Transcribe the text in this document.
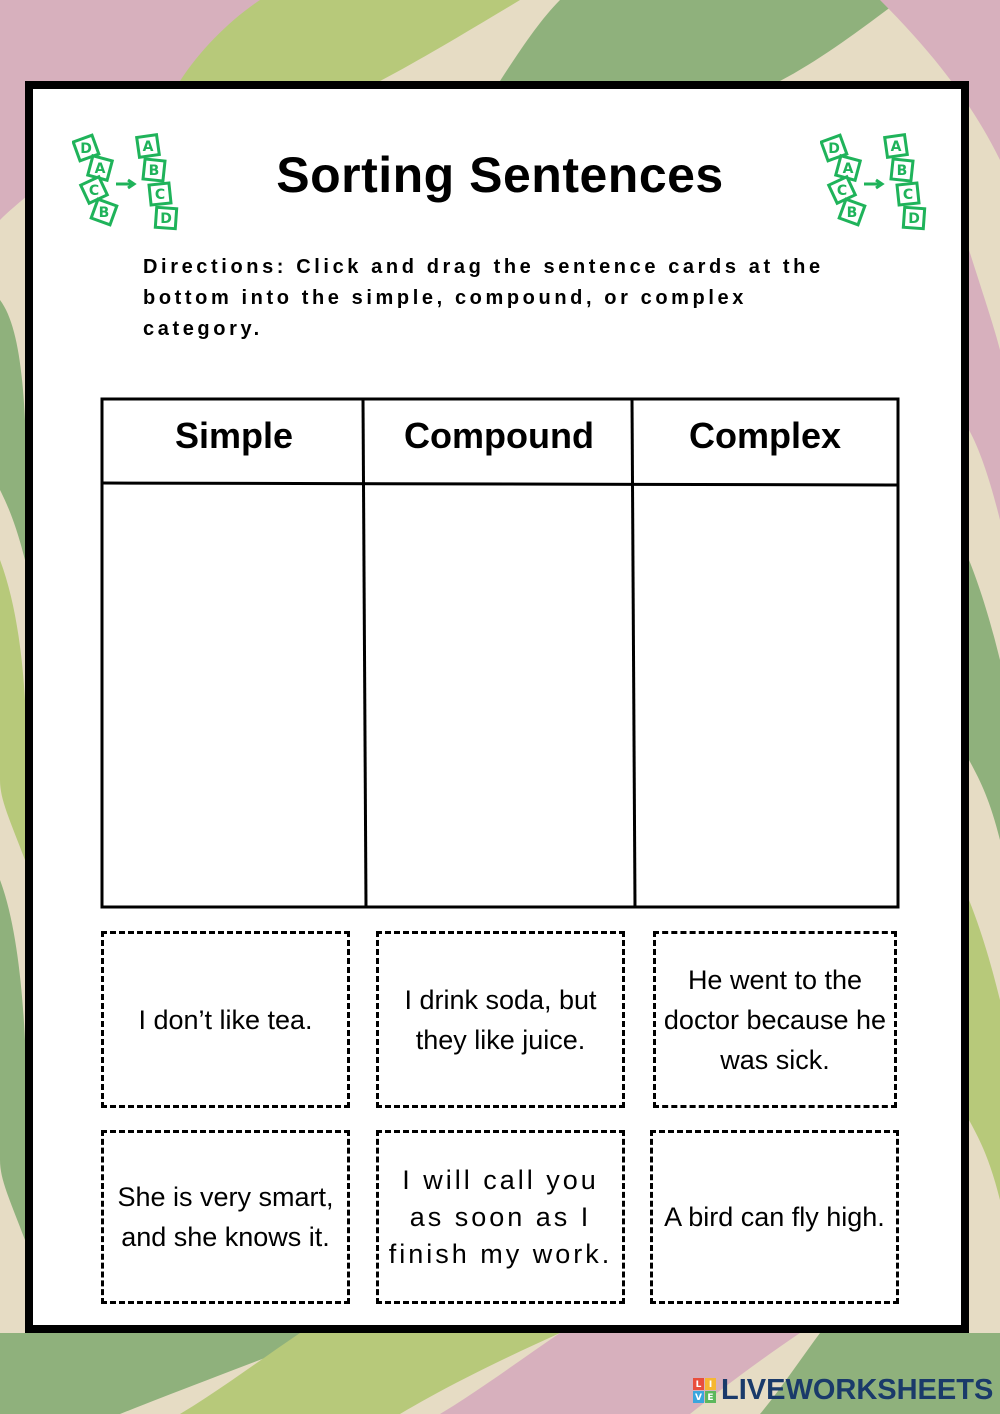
D
A
C
B
A
B
C
D
D
A
C
B
A
B
C
D
Sorting Sentences

Directions: Click and drag the sentence cards at the bottom into the simple, compound, or complex category.

Simple	Compound	Complex
I don’t like tea.
I drink soda, but they like juice.
He went to the doctor because he was sick.
She is very smart, and she knows it.
I will call you as soon as I finish my work.
A bird can fly high.
L I
V E LIVEWORKSHEETS
